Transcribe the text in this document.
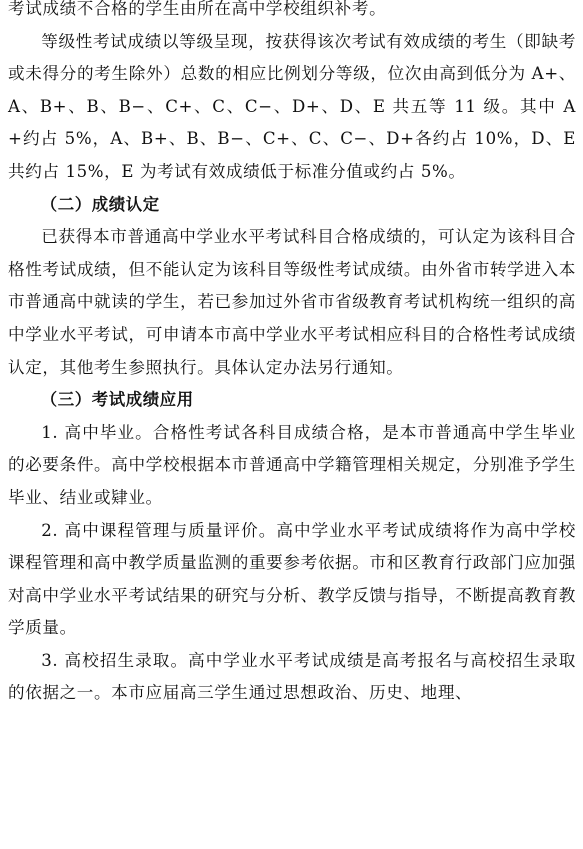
考试成绩不合格的学生由所在高中学校组织补考。

等级性考试成绩以等级呈现，按获得该次考试有效成绩的考生（即缺考或未得分的考生除外）总数的相应比例划分等级，位次由高到低分为 A+、A、B+、B、B−、C+、C、C−、D+、D、E 共五等 11 级。其中 A+约占 5%，A、B+、B、B−、C+、C、C−、D+各约占 10%，D、E 共约占 15%，E 为考试有效成绩低于标准分值或约占 5%。

（二）成绩认定

已获得本市普通高中学业水平考试科目合格成绩的，可认定为该科目合格性考试成绩，但不能认定为该科目等级性考试成绩。由外省市转学进入本市普通高中就读的学生，若已参加过外省市省级教育考试机构统一组织的高中学业水平考试，可申请本市高中学业水平考试相应科目的合格性考试成绩认定，其他考生参照执行。具体认定办法另行通知。

（三）考试成绩应用

1. 高中毕业。合格性考试各科目成绩合格，是本市普通高中学生毕业的必要条件。高中学校根据本市普通高中学籍管理相关规定，分别准予学生毕业、结业或肄业。

2. 高中课程管理与质量评价。高中学业水平考试成绩将作为高中学校课程管理和高中教学质量监测的重要参考依据。市和区教育行政部门应加强对高中学业水平考试结果的研究与分析、教学反馈与指导，不断提高教育教学质量。

3. 高校招生录取。高中学业水平考试成绩是高考报名与高校招生录取的依据之一。本市应届高三学生通过思想政治、历史、地理、
